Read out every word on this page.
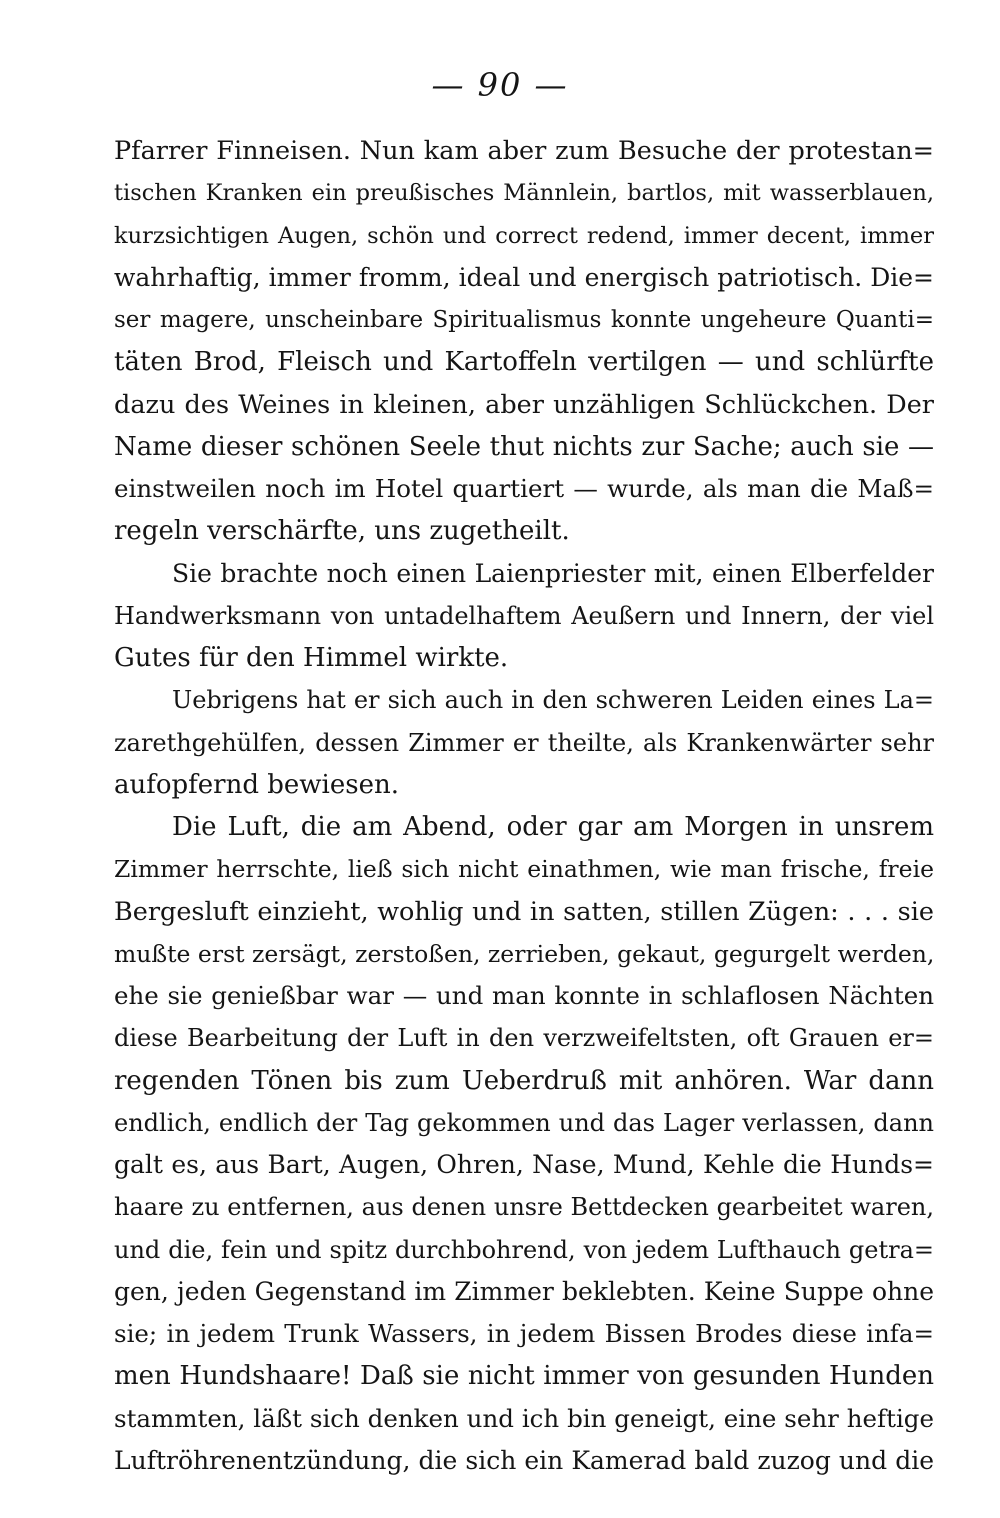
— 90 —
Pfarrer Finneisen. Nun kam aber zum Besuche der protestan=
tischen Kranken ein preußisches Männlein, bartlos, mit wasserblauen,
kurzsichtigen Augen, schön und correct redend, immer decent, immer
wahrhaftig, immer fromm, ideal und energisch patriotisch. Die=
ser magere, unscheinbare Spiritualismus konnte ungeheure Quanti=
täten Brod, Fleisch und Kartoffeln vertilgen — und schlürfte
dazu des Weines in kleinen, aber unzähligen Schlückchen. Der
Name dieser schönen Seele thut nichts zur Sache; auch sie —
einstweilen noch im Hotel quartiert — wurde, als man die Maß=
regeln verschärfte, uns zugetheilt.
Sie brachte noch einen Laienpriester mit, einen Elberfelder
Handwerksmann von untadelhaftem Aeußern und Innern, der viel
Gutes für den Himmel wirkte.
Uebrigens hat er sich auch in den schweren Leiden eines La=
zarethgehülfen, dessen Zimmer er theilte, als Krankenwärter sehr
aufopfernd bewiesen.
Die Luft, die am Abend, oder gar am Morgen in unsrem
Zimmer herrschte, ließ sich nicht einathmen, wie man frische, freie
Bergesluft einzieht, wohlig und in satten, stillen Zügen: . . . sie
mußte erst zersägt, zerstoßen, zerrieben, gekaut, gegurgelt werden,
ehe sie genießbar war — und man konnte in schlaflosen Nächten
diese Bearbeitung der Luft in den verzweifeltsten, oft Grauen er=
regenden Tönen bis zum Ueberdruß mit anhören. War dann
endlich, endlich der Tag gekommen und das Lager verlassen, dann
galt es, aus Bart, Augen, Ohren, Nase, Mund, Kehle die Hunds=
haare zu entfernen, aus denen unsre Bettdecken gearbeitet waren,
und die, fein und spitz durchbohrend, von jedem Lufthauch getra=
gen, jeden Gegenstand im Zimmer beklebten. Keine Suppe ohne
sie; in jedem Trunk Wassers, in jedem Bissen Brodes diese infa=
men Hundshaare! Daß sie nicht immer von gesunden Hunden
stammten, läßt sich denken und ich bin geneigt, eine sehr heftige
Luftröhrenentzündung, die sich ein Kamerad bald zuzog und die
